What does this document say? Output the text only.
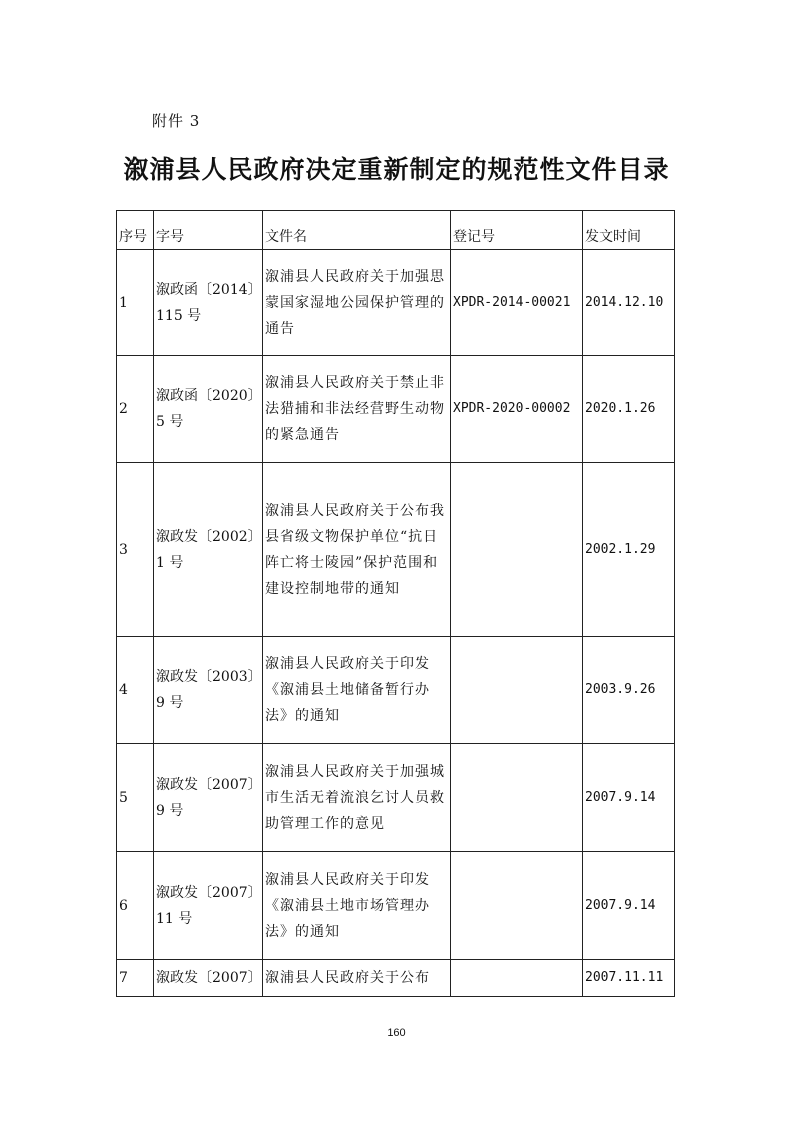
附件 3
溆浦县人民政府决定重新制定的规范性文件目录
序号	字号	文件名	登记号	发文时间
1	溆政函〔2014〕115 号	溆浦县人民政府关于加强思蒙国家湿地公园保护管理的通告	XPDR-2014-00021	2014.12.10
2	溆政函〔2020〕5 号	溆浦县人民政府关于禁止非法猎捕和非法经营野生动物的紧急通告	XPDR-2020-00002	2020.1.26
3	溆政发〔2002〕1 号	溆浦县人民政府关于公布我县省级文物保护单位“抗日阵亡将士陵园”保护范围和建设控制地带的通知		2002.1.29
4	溆政发〔2003〕9 号	溆浦县人民政府关于印发《溆浦县土地储备暂行办法》的通知		2003.9.26
5	溆政发〔2007〕9 号	溆浦县人民政府关于加强城市生活无着流浪乞讨人员救助管理工作的意见		2007.9.14
6	溆政发〔2007〕11 号	溆浦县人民政府关于印发《溆浦县土地市场管理办法》的通知		2007.9.14
7	溆政发〔2007〕	溆浦县人民政府关于公布		2007.11.11
160
